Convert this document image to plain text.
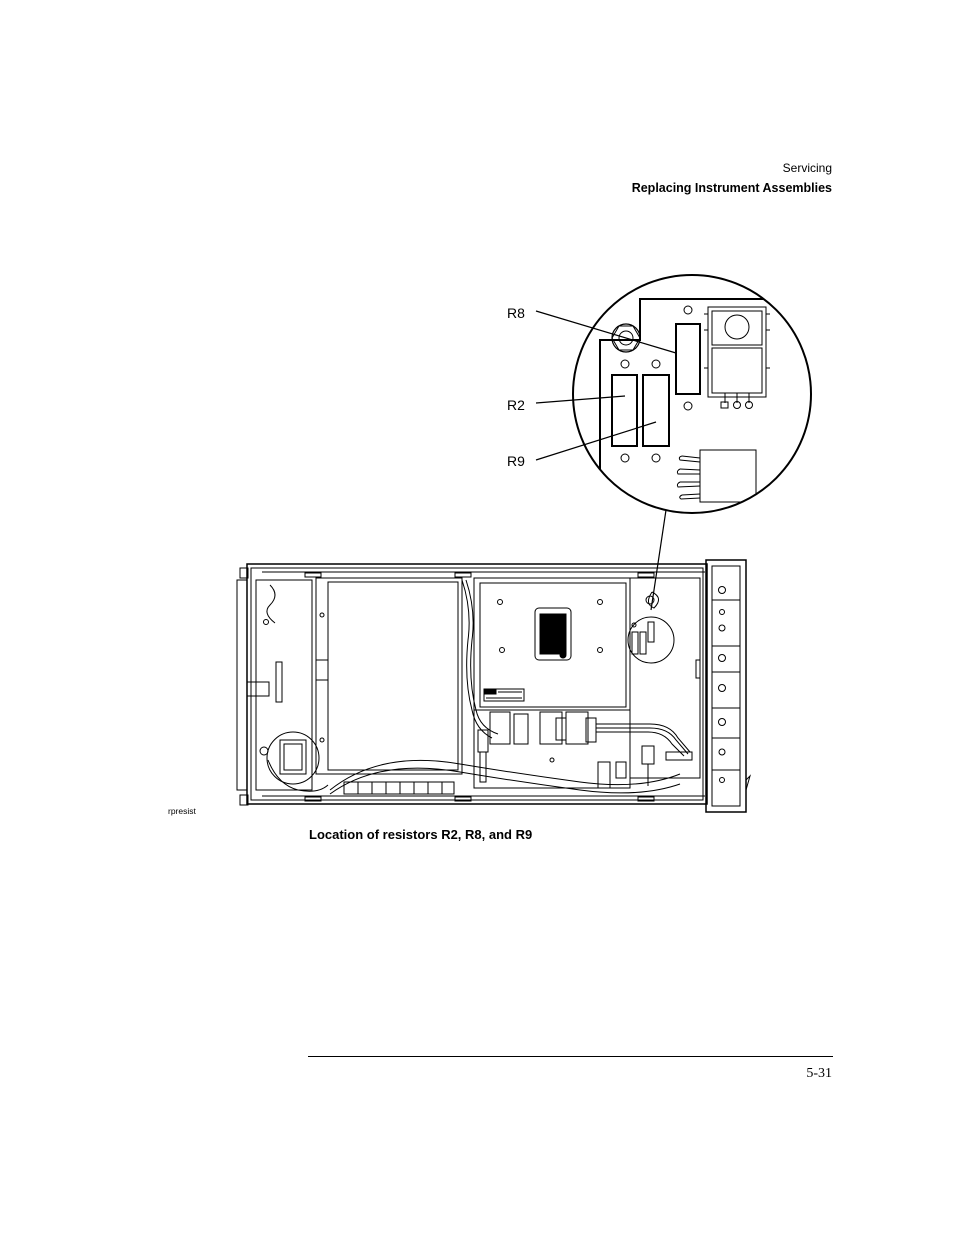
Servicing
Replacing Instrument Assemblies
R8
R2
R9
rpresist
Location of resistors R2, R8, and R9
5-31
